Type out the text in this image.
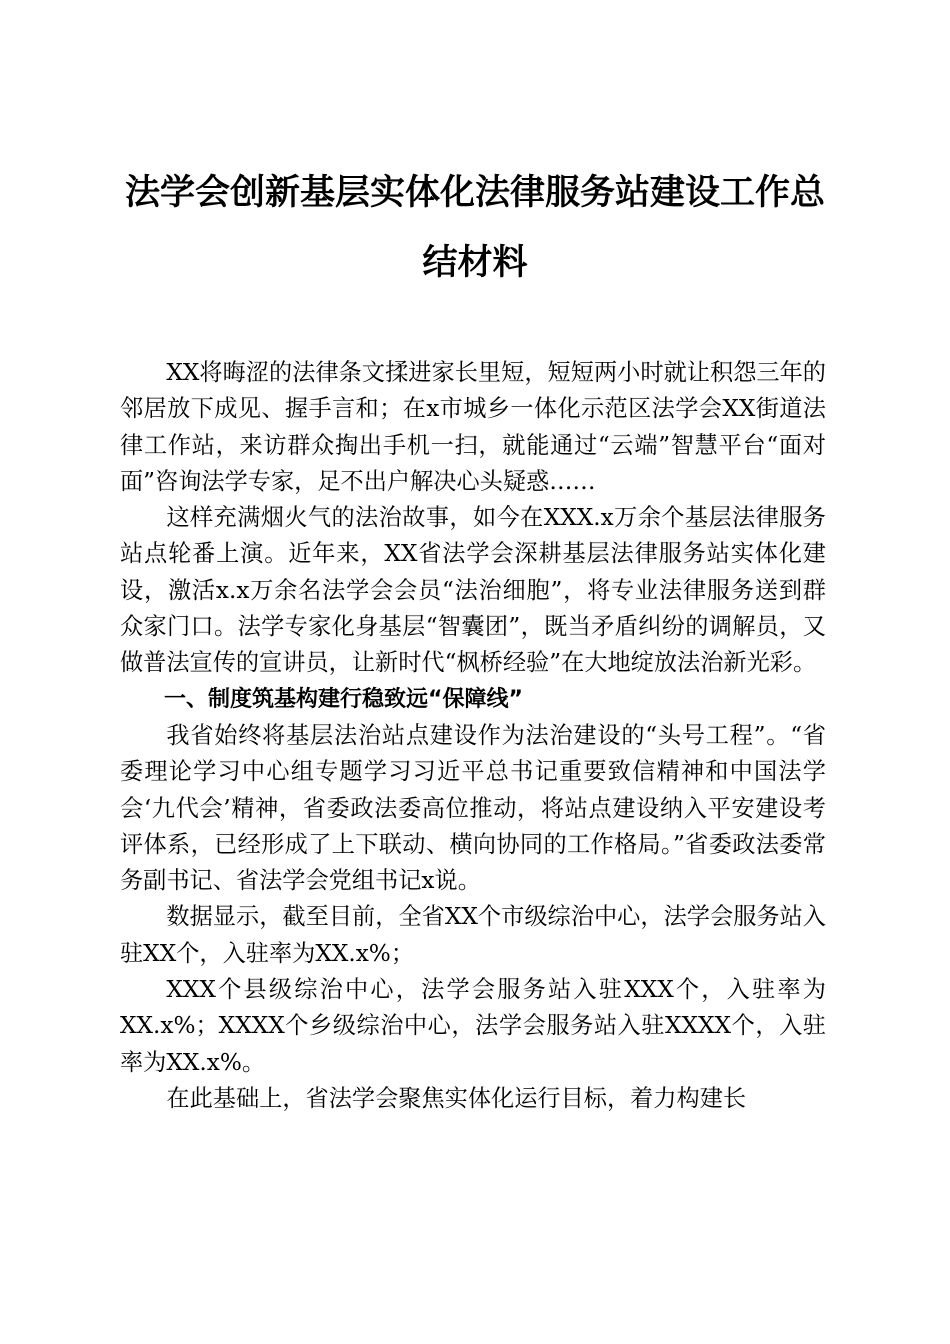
法学会创新基层实体化法律服务站建设工作总
结材料

XX将晦涩的法律条文揉进家长里短，短短两小时就让积怨三年的邻居放下成见、握手言和；在x市城乡一体化示范区法学会XX街道法律工作站，来访群众掏出手机一扫，就能通过“云端”智慧平台“面对面”咨询法学专家，足不出户解决心头疑惑……

这样充满烟火气的法治故事，如今在XXX.x万余个基层法律服务站点轮番上演。近年来，XX省法学会深耕基层法律服务站实体化建设，激活x.x万余名法学会会员“法治细胞”，将专业法律服务送到群众家门口。法学专家化身基层“智囊团”，既当矛盾纠纷的调解员，又做普法宣传的宣讲员，让新时代“枫桥经验”在大地绽放法治新光彩。

一、制度筑基构建行稳致远“保障线”

我省始终将基层法治站点建设作为法治建设的“头号工程”。“省委理论学习中心组专题学习习近平总书记重要致信精神和中国法学会‘九代会’精神，省委政法委高位推动，将站点建设纳入平安建设考评体系，已经形成了上下联动、横向协同的工作格局。”省委政法委常务副书记、省法学会党组书记x说。

数据显示，截至目前，全省XX个市级综治中心，法学会服务站入驻XX个，入驻率为XX.x%；

XXX个县级综治中心，法学会服务站入驻XXX个，入驻率为XX.x%；XXXX个乡级综治中心，法学会服务站入驻XXXX个，入驻率为XX.x%。

在此基础上，省法学会聚焦实体化运行目标，着力构建长
